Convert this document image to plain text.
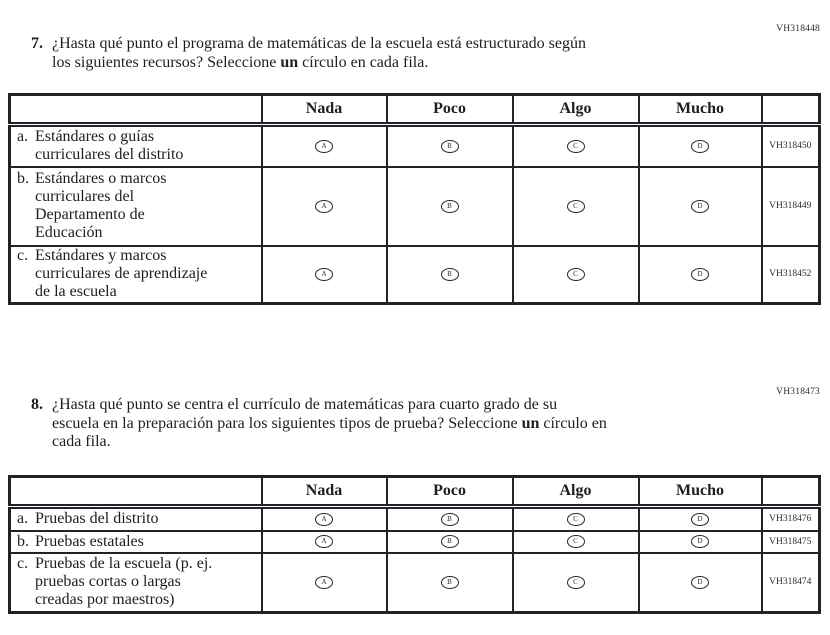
VH318448
7. ¿Hasta qué punto el programa de matemáticas de la escuela está estructurado según
los siguientes recursos? Seleccione un círculo en cada fila.
	Nada	Poco	Algo	Mucho	

a. Estándares o guías
curriculares del distrito	A	B	C	D	VH318450

b. Estándares o marcos
curriculares del
Departamento de
Educación	A	B	C	D	VH318449

c. Estándares y marcos
curriculares de aprendizaje
de la escuela	A	B	C	D	VH318452
VH318473
8. ¿Hasta qué punto se centra el currículo de matemáticas para cuarto grado de su
escuela en la preparación para los siguientes tipos de prueba? Seleccione un círculo en
cada fila.
	Nada	Poco	Algo	Mucho	

a. Pruebas del distrito	A	B	C	D	VH318476

b. Pruebas estatales	A	B	C	D	VH318475

c. Pruebas de la escuela (p. ej.
pruebas cortas o largas
creadas por maestros)	A	B	C	D	VH318474
